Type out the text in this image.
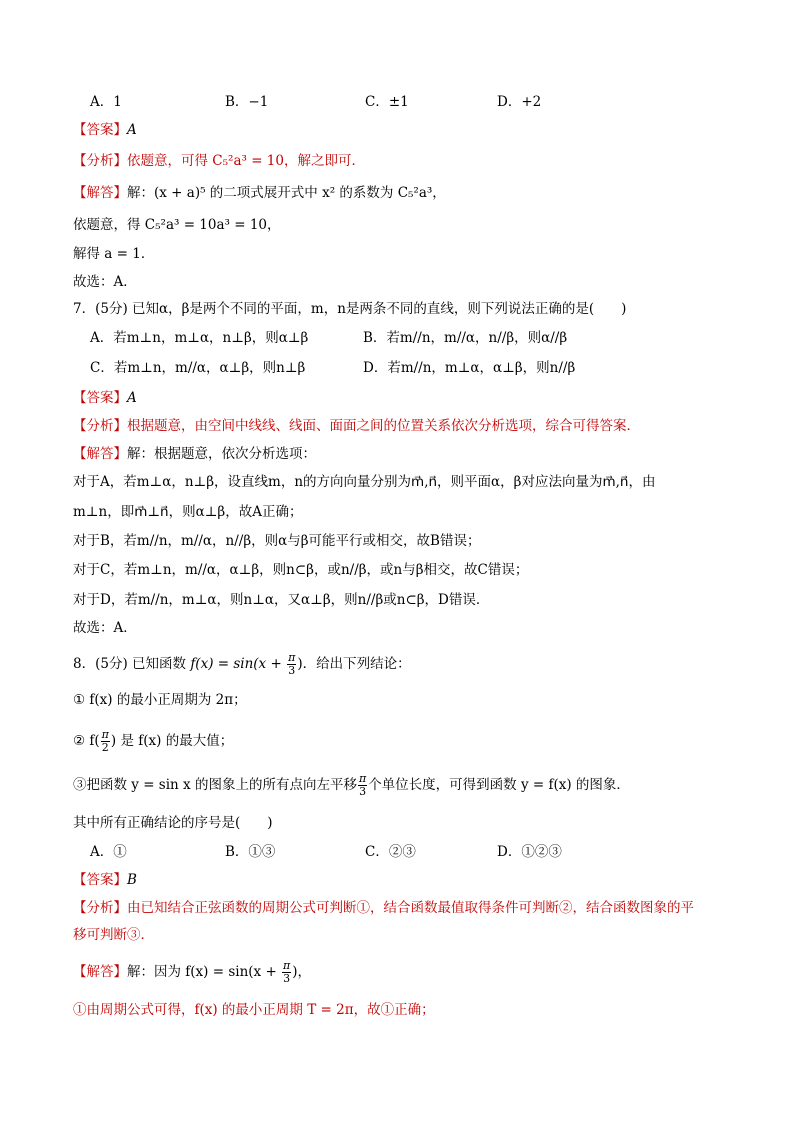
A．1	B．−1	C．±1	D．+2
【答案】A
【分析】依题意，可得 C₅²a³ = 10，解之即可．
【解答】解：(x + a)⁵ 的二项式展开式中 x² 的系数为 C₅²a³，
依题意，得 C₅²a³ = 10a³ = 10，
解得 a = 1．
故选：A．
7．(5分) 已知α，β是两个不同的平面，m，n是两条不同的直线，则下列说法正确的是(　　)
A．若m⊥n，m⊥α，n⊥β，则α⊥β	B．若m//n，m//α，n//β，则α//β
C．若m⊥n，m//α，α⊥β，则n⊥β	D．若m//n，m⊥α，α⊥β，则n//β
【答案】A
【分析】根据题意，由空间中线线、线面、面面之间的位置关系依次分析选项，综合可得答案．
【解答】解：根据题意，依次分析选项：
对于A，若m⊥α，n⊥β，设直线m，n的方向向量分别为m⃗,n⃗，则平面α，β对应法向量为m⃗,n⃗，由
m⊥n，即m⃗⊥n⃗，则α⊥β，故A正确；
对于B，若m//n，m//α，n//β，则α与β可能平行或相交，故B错误；
对于C，若m⊥n，m//α，α⊥β，则n⊂β，或n//β，或n与β相交，故C错误；
对于D，若m//n，m⊥α，则n⊥α，又α⊥β，则n//β或n⊂β，D错误．
故选：A．
8．(5分) 已知函数 $f(x) = \sin(x + \frac{\pi}{3}$ )．给出下列结论：
① f(x) 的最小正周期为 2π；
② $f( \frac{\pi}{2}$ ) 是 f(x) 的最大值；
③把函数 y = sin x 的图象上的所有点向左平移 $\frac{\pi}{3}$ 个单位长度，可得到函数 y = f(x) 的图象．
其中所有正确结论的序号是(　　)
A．①	B．①③	C．②③	D．①②③
【答案】B
【分析】由已知结合正弦函数的周期公式可判断①，结合函数最值取得条件可判断②，结合函数图象的平
移可判断③．
【解答】解：因为 $f(x) = \sin(x + \frac{\pi}{3}$ )，
①由周期公式可得，f(x) 的最小正周期 T = 2π，故①正确；
